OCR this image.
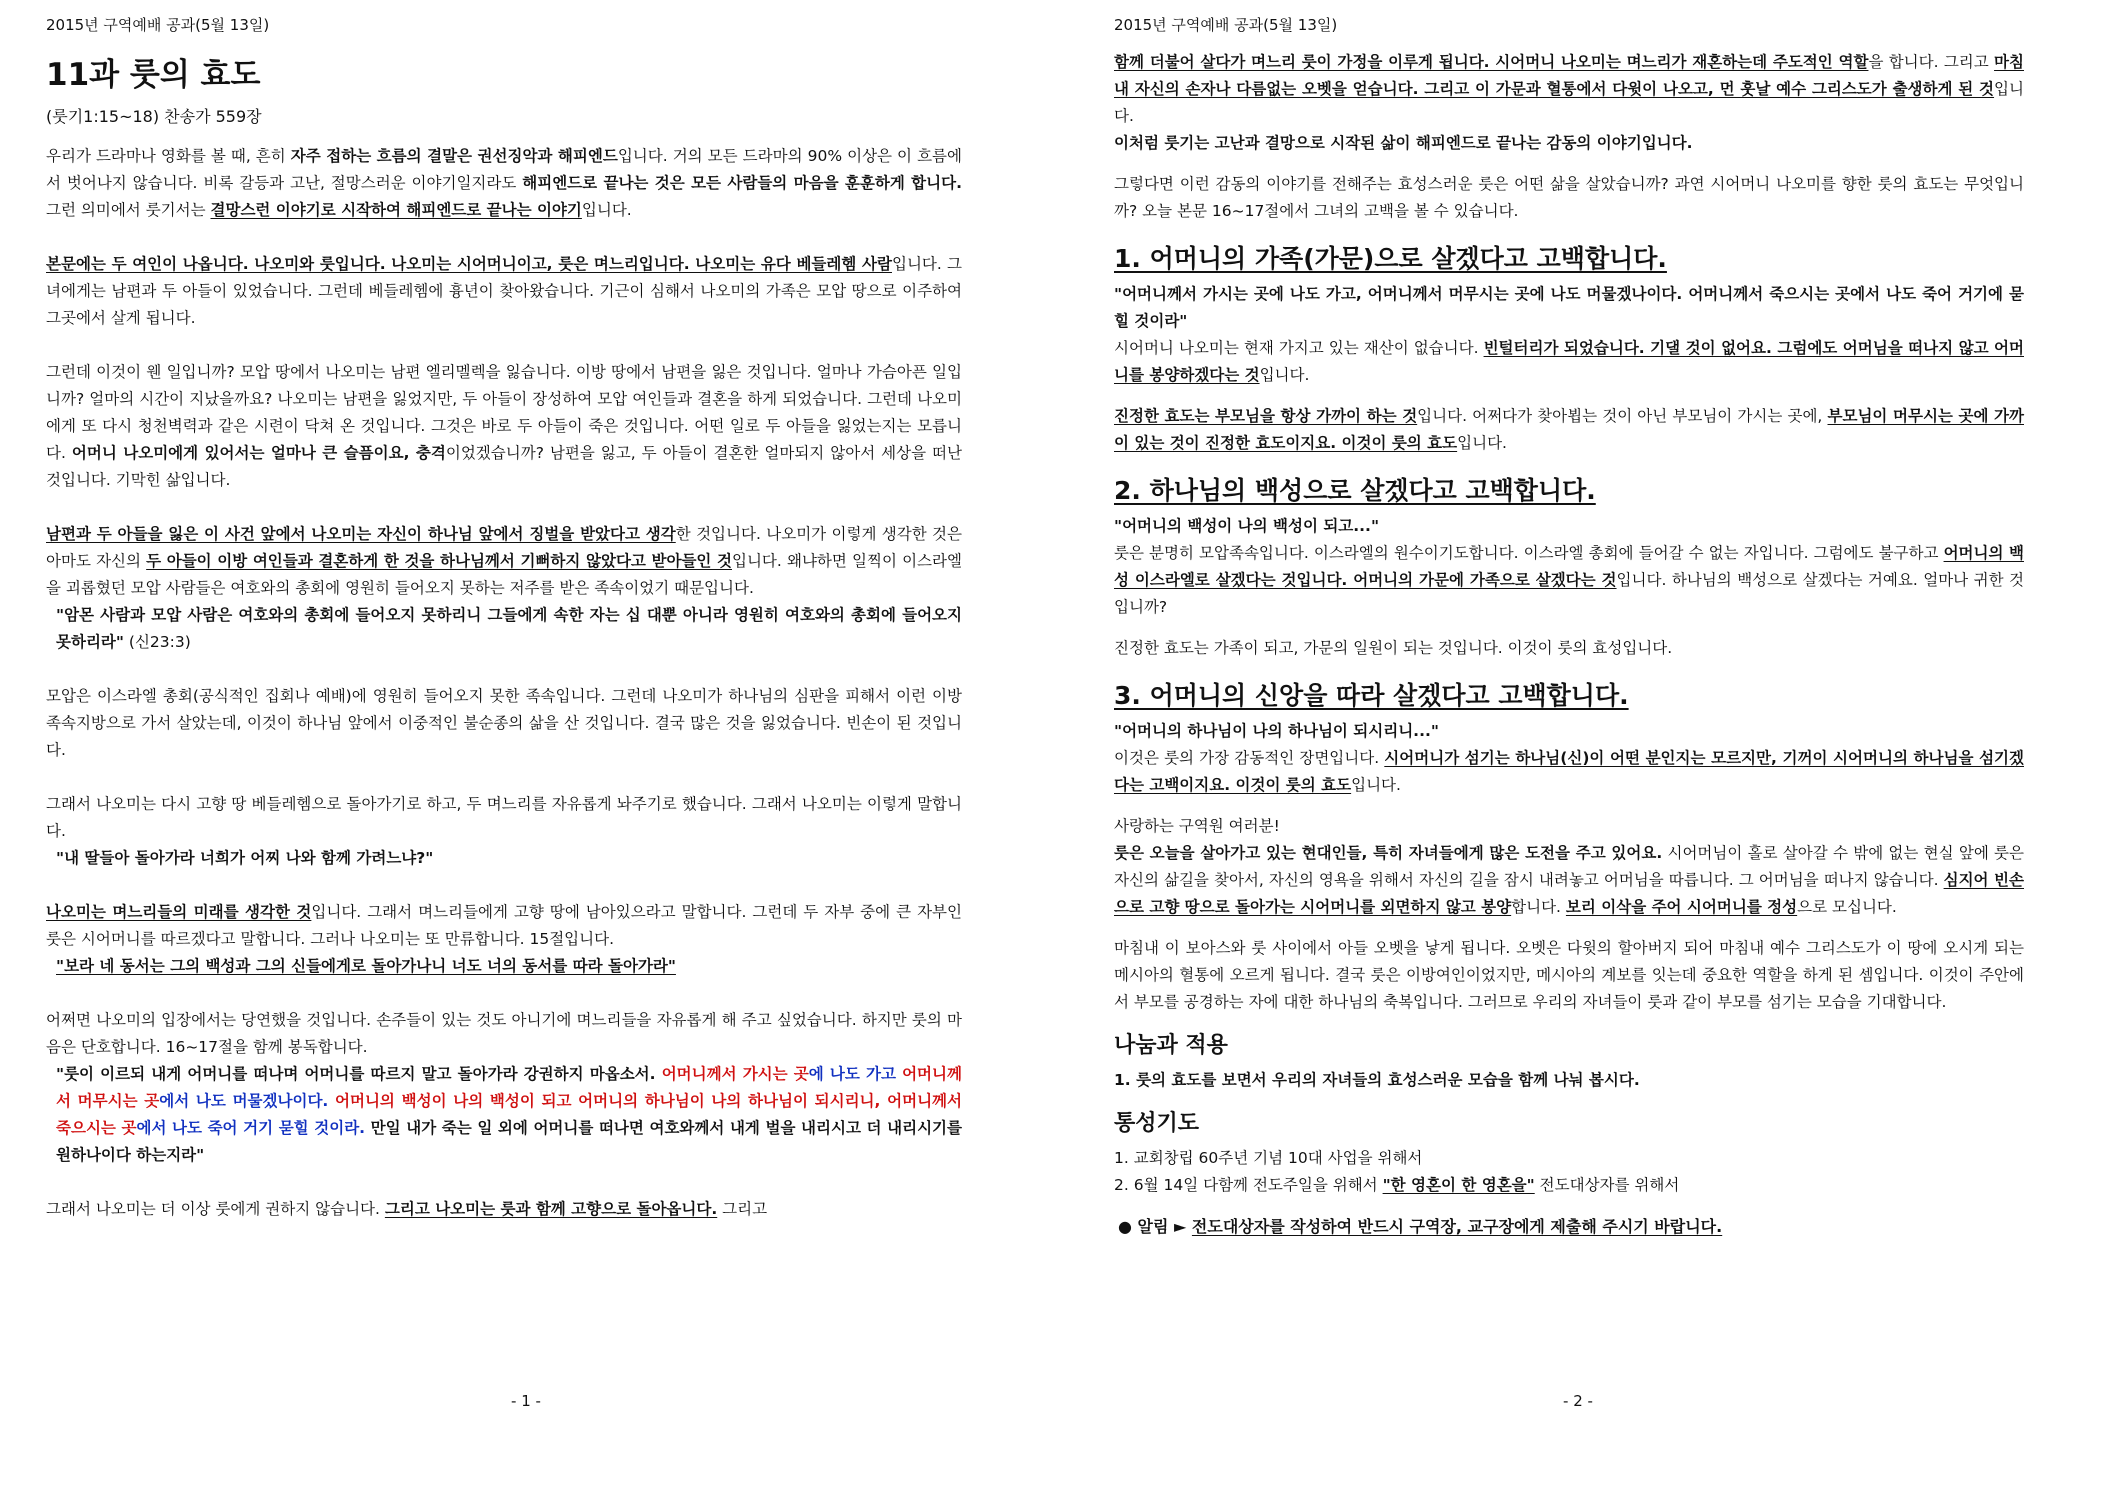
2015년 구역예배 공과(5월 13일)
11과 룻의 효도
(룻기1:15~18) 찬송가 559장

우리가 드라마나 영화를 볼 때, 흔히 자주 접하는 흐름의 결말은 권선징악과 해피엔드입니다. 거의 모든 드라마의 90% 이상은 이 흐름에서 벗어나지 않습니다. 비록 갈등과 고난, 절망스러운 이야기일지라도 해피엔드로 끝나는 것은 모든 사람들의 마음을 훈훈하게 합니다. 그런 의미에서 룻기서는 결망스런 이야기로 시작하여 해피엔드로 끝나는 이야기입니다.

본문에는 두 여인이 나옵니다. 나오미와 룻입니다. 나오미는 시어머니이고, 룻은 며느리입니다. 나오미는 유다 베들레헴 사람입니다. 그녀에게는 남편과 두 아들이 있었습니다. 그런데 베들레헴에 흉년이 찾아왔습니다. 기근이 심해서 나오미의 가족은 모압 땅으로 이주하여 그곳에서 살게 됩니다.

그런데 이것이 웬 일입니까? 모압 땅에서 나오미는 남편 엘리멜렉을 잃습니다. 이방 땅에서 남편을 잃은 것입니다. 얼마나 가슴아픈 일입니까? 얼마의 시간이 지났을까요? 나오미는 남편을 잃었지만, 두 아들이 장성하여 모압 여인들과 결혼을 하게 되었습니다. 그런데 나오미에게 또 다시 청천벽력과 같은 시련이 닥쳐 온 것입니다. 그것은 바로 두 아들이 죽은 것입니다. 어떤 일로 두 아들을 잃었는지는 모릅니다. 어머니 나오미에게 있어서는 얼마나 큰 슬픔이요, 충격이었겠습니까? 남편을 잃고, 두 아들이 결혼한 얼마되지 않아서 세상을 떠난 것입니다. 기막힌 삶입니다.

남편과 두 아들을 잃은 이 사건 앞에서 나오미는 자신이 하나님 앞에서 징벌을 받았다고 생각한 것입니다. 나오미가 이렇게 생각한 것은 아마도 자신의 두 아들이 이방 여인들과 결혼하게 한 것을 하나님께서 기뻐하지 않았다고 받아들인 것입니다. 왜냐하면 일찍이 이스라엘을 괴롭혔던 모압 사람들은 여호와의 총회에 영원히 들어오지 못하는 저주를 받은 족속이었기 때문입니다.

"암몬 사람과 모압 사람은 여호와의 총회에 들어오지 못하리니 그들에게 속한 자는 십 대뿐 아니라 영원히 여호와의 총회에 들어오지 못하리라" (신23:3)

모압은 이스라엘 총회(공식적인 집회나 예배)에 영원히 들어오지 못한 족속입니다. 그런데 나오미가 하나님의 심판을 피해서 이런 이방 족속지방으로 가서 살았는데, 이것이 하나님 앞에서 이중적인 불순종의 삶을 산 것입니다. 결국 많은 것을 잃었습니다. 빈손이 된 것입니다.

그래서 나오미는 다시 고향 땅 베들레헴으로 돌아가기로 하고, 두 며느리를 자유롭게 놔주기로 했습니다. 그래서 나오미는 이렇게 말합니다.

"내 딸들아 돌아가라 너희가 어찌 나와 함께 가려느냐?"

나오미는 며느리들의 미래를 생각한 것입니다. 그래서 며느리들에게 고향 땅에 남아있으라고 말합니다. 그런데 두 자부 중에 큰 자부인 룻은 시어머니를 따르겠다고 말합니다. 그러나 나오미는 또 만류합니다. 15절입니다.

"보라 네 동서는 그의 백성과 그의 신들에게로 돌아가나니 너도 너의 동서를 따라 돌아가라"

어쩌면 나오미의 입장에서는 당연했을 것입니다. 손주들이 있는 것도 아니기에 며느리들을 자유롭게 해 주고 싶었습니다. 하지만 룻의 마음은 단호합니다. 16~17절을 함께 봉독합니다.

"룻이 이르되 내게 어머니를 떠나며 어머니를 따르지 말고 돌아가라 강권하지 마옵소서. 어머니께서 가시는 곳에 나도 가고 어머니께서 머무시는 곳에서 나도 머물겠나이다. 어머니의 백성이 나의 백성이 되고 어머니의 하나님이 나의 하나님이 되시리니, 어머니께서 죽으시는 곳에서 나도 죽어 거기 묻힐 것이라. 만일 내가 죽는 일 외에 어머니를 떠나면 여호와께서 내게 벌을 내리시고 더 내리시기를 원하나이다 하는지라"

그래서 나오미는 더 이상 룻에게 권하지 않습니다. 그리고 나오미는 룻과 함께 고향으로 돌아옵니다. 그리고

- 1 -
2015년 구역예배 공과(5월 13일)

함께 더불어 살다가 며느리 룻이 가정을 이루게 됩니다. 시어머니 나오미는 며느리가 재혼하는데 주도적인 역할을 합니다. 그리고 마침내 자신의 손자나 다름없는 오벳을 얻습니다. 그리고 이 가문과 혈통에서 다윗이 나오고, 먼 훗날 예수 그리스도가 출생하게 된 것입니다.

이처럼 룻기는 고난과 결망으로 시작된 삶이 해피엔드로 끝나는 감동의 이야기입니다.

그렇다면 이런 감동의 이야기를 전해주는 효성스러운 룻은 어떤 삶을 살았습니까? 과연 시어머니 나오미를 향한 룻의 효도는 무엇입니까? 오늘 본문 16~17절에서 그녀의 고백을 볼 수 있습니다.

1. 어머니의 가족(가문)으로 살겠다고 고백합니다.

"어머니께서 가시는 곳에 나도 가고, 어머니께서 머무시는 곳에 나도 머물겠나이다. 어머니께서 죽으시는 곳에서 나도 죽어 거기에 묻힐 것이라"

시어머니 나오미는 현재 가지고 있는 재산이 없습니다. 빈털터리가 되었습니다. 기댈 것이 없어요. 그럼에도 어머님을 떠나지 않고 어머니를 봉양하겠다는 것입니다.

진정한 효도는 부모님을 항상 가까이 하는 것입니다. 어쩌다가 찾아뵙는 것이 아닌 부모님이 가시는 곳에, 부모님이 머무시는 곳에 가까이 있는 것이 진정한 효도이지요. 이것이 룻의 효도입니다.

2. 하나님의 백성으로 살겠다고 고백합니다.

"어머니의 백성이 나의 백성이 되고..."

룻은 분명히 모압족속입니다. 이스라엘의 원수이기도합니다. 이스라엘 총회에 들어갈 수 없는 자입니다. 그럼에도 불구하고 어머니의 백성 이스라엘로 살겠다는 것입니다. 어머니의 가문에 가족으로 살겠다는 것입니다. 하나님의 백성으로 살겠다는 거예요. 얼마나 귀한 것입니까?

진정한 효도는 가족이 되고, 가문의 일원이 되는 것입니다. 이것이 룻의 효성입니다.

3. 어머니의 신앙을 따라 살겠다고 고백합니다.

"어머니의 하나님이 나의 하나님이 되시리니..."

이것은 룻의 가장 감동적인 장면입니다. 시어머니가 섬기는 하나님(신)이 어떤 분인지는 모르지만, 기꺼이 시어머니의 하나님을 섬기겠다는 고백이지요. 이것이 룻의 효도입니다.

사랑하는 구역원 여러분!

룻은 오늘을 살아가고 있는 현대인들, 특히 자녀들에게 많은 도전을 주고 있어요. 시어머님이 홀로 살아갈 수 밖에 없는 현실 앞에 룻은 자신의 삶길을 찾아서, 자신의 영욕을 위해서 자신의 길을 잠시 내려놓고 어머님을 따릅니다. 그 어머님을 떠나지 않습니다. 심지어 빈손으로 고향 땅으로 돌아가는 시어머니를 외면하지 않고 봉양합니다. 보리 이삭을 주어 시어머니를 정성으로 모십니다.

마침내 이 보아스와 룻 사이에서 아들 오벳을 낳게 됩니다. 오벳은 다윗의 할아버지 되어 마침내 예수 그리스도가 이 땅에 오시게 되는 메시아의 혈통에 오르게 됩니다. 결국 룻은 이방여인이었지만, 메시아의 계보를 잇는데 중요한 역할을 하게 된 셈입니다. 이것이 주안에서 부모를 공경하는 자에 대한 하나님의 축복입니다. 그러므로 우리의 자녀들이 룻과 같이 부모를 섬기는 모습을 기대합니다.

나눔과 적용

1. 룻의 효도를 보면서 우리의 자녀들의 효성스러운 모습을 함께 나눠 봅시다.

통성기도

1. 교회창립 60주년 기념 10대 사업을 위해서

2. 6월 14일 다함께 전도주일을 위해서 "한 영혼이 한 영혼을" 전도대상자를 위해서

● 알림 ► 전도대상자를 작성하여 반드시 구역장, 교구장에게 제출해 주시기 바랍니다.

- 2 -
